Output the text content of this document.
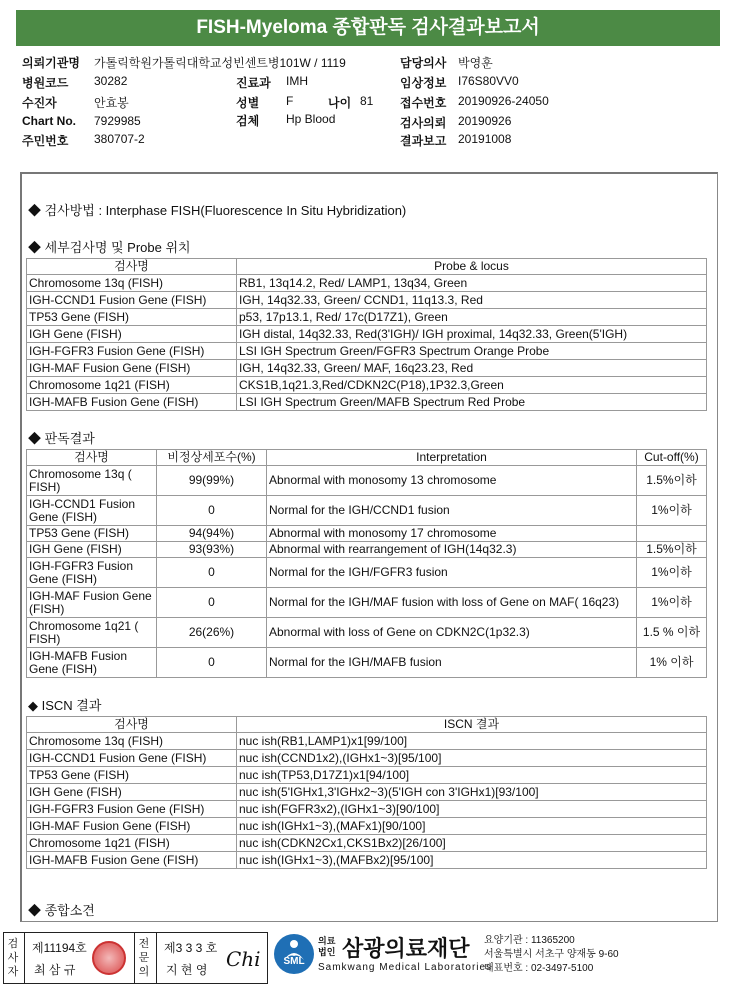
FISH-Myeloma 종합판독 검사결과보고서
의뢰기관명 가톨릭학원가톨릭대학교성빈센트병101W / 1119
병원코드 30282
수진자	안효봉
Chart No. 7929985
주민번호 380707-2
진료과 IMH
성별 F	나이 81
검체 Hp Blood
담당의사 박영훈
임상정보 I76S80VV0
접수번호 20190926-24050
검사의뢰 20190926
결과보고 20191008
◆ 검사방법 : Interphase FISH(Fluorescence In Situ Hybridization)
◆ 세부검사명 및 Probe 위치
검사명	Probe & locus
Chromosome 13q (FISH)	RB1, 13q14.2, Red/ LAMP1, 13q34, Green
IGH-CCND1 Fusion Gene (FISH)	IGH, 14q32.33, Green/ CCND1, 11q13.3, Red
TP53 Gene (FISH)	p53, 17p13.1, Red/ 17c(D17Z1), Green
IGH Gene (FISH)	IGH distal, 14q32.33, Red(3'IGH)/ IGH proximal, 14q32.33, Green(5'IGH)
IGH-FGFR3 Fusion Gene (FISH)	LSI IGH Spectrum Green/FGFR3 Spectrum Orange Probe
IGH-MAF Fusion Gene (FISH)	IGH, 14q32.33, Green/ MAF, 16q23.23, Red
Chromosome 1q21 (FISH)	CKS1B,1q21.3,Red/CDKN2C(P18),1P32.3,Green
IGH-MAFB Fusion Gene (FISH)	LSI IGH Spectrum Green/MAFB Spectrum Red Probe
◆ 판독결과
검사명	비정상세포수(%)	Interpretation	Cut-off(%)
Chromosome 13q ( FISH)	99(99%)	Abnormal with monosomy 13 chromosome	1.5%이하
IGH-CCND1 Fusion Gene (FISH)	0	Normal for the IGH/CCND1 fusion	1%이하
TP53 Gene (FISH)	94(94%)	Abnormal with monosomy 17 chromosome	
IGH Gene (FISH)	93(93%)	Abnormal with rearrangement of IGH(14q32.3)	1.5%이하
IGH-FGFR3 Fusion Gene (FISH)	0	Normal for the IGH/FGFR3 fusion	1%이하
IGH-MAF Fusion Gene (FISH)	0	Normal for the IGH/MAF fusion with loss of Gene on MAF( 16q23)	1%이하
Chromosome 1q21 ( FISH)	26(26%)	Abnormal with loss of Gene on CDKN2C(1p32.3)	1.5 % 이하
IGH-MAFB Fusion Gene (FISH)	0	Normal for the IGH/MAFB fusion	1% 이하
◆ ISCN 결과
검사명	ISCN 결과
Chromosome 13q (FISH)	nuc ish(RB1,LAMP1)x1[99/100]
IGH-CCND1 Fusion Gene (FISH)	nuc ish(CCND1x2),(IGHx1~3)[95/100]
TP53 Gene (FISH)	nuc ish(TP53,D17Z1)x1[94/100]
IGH Gene (FISH)	nuc ish(5'IGHx1,3'IGHx2~3)(5'IGH con 3'IGHx1)[93/100]
IGH-FGFR3 Fusion Gene (FISH)	nuc ish(FGFR3x2),(IGHx1~3)[90/100]
IGH-MAF Fusion Gene (FISH)	nuc ish(IGHx1~3),(MAFx1)[90/100]
Chromosome 1q21 (FISH)	nuc ish(CDKN2Cx1,CKS1Bx2)[26/100]
IGH-MAFB Fusion Gene (FISH)	nuc ish(IGHx1~3),(MAFBx2)[95/100]
◆ 종합소견
검사자
제11194호
최 삼 규
전문의
제3 3 3 호
지 현 영 Chi	SML
의료 법인 삼광의료재단
Samkwang Medical Laboratories
요양기관 : 11365200
서울특별시 서초구 양재동 9-60
대표번호 : 02-3497-5100
